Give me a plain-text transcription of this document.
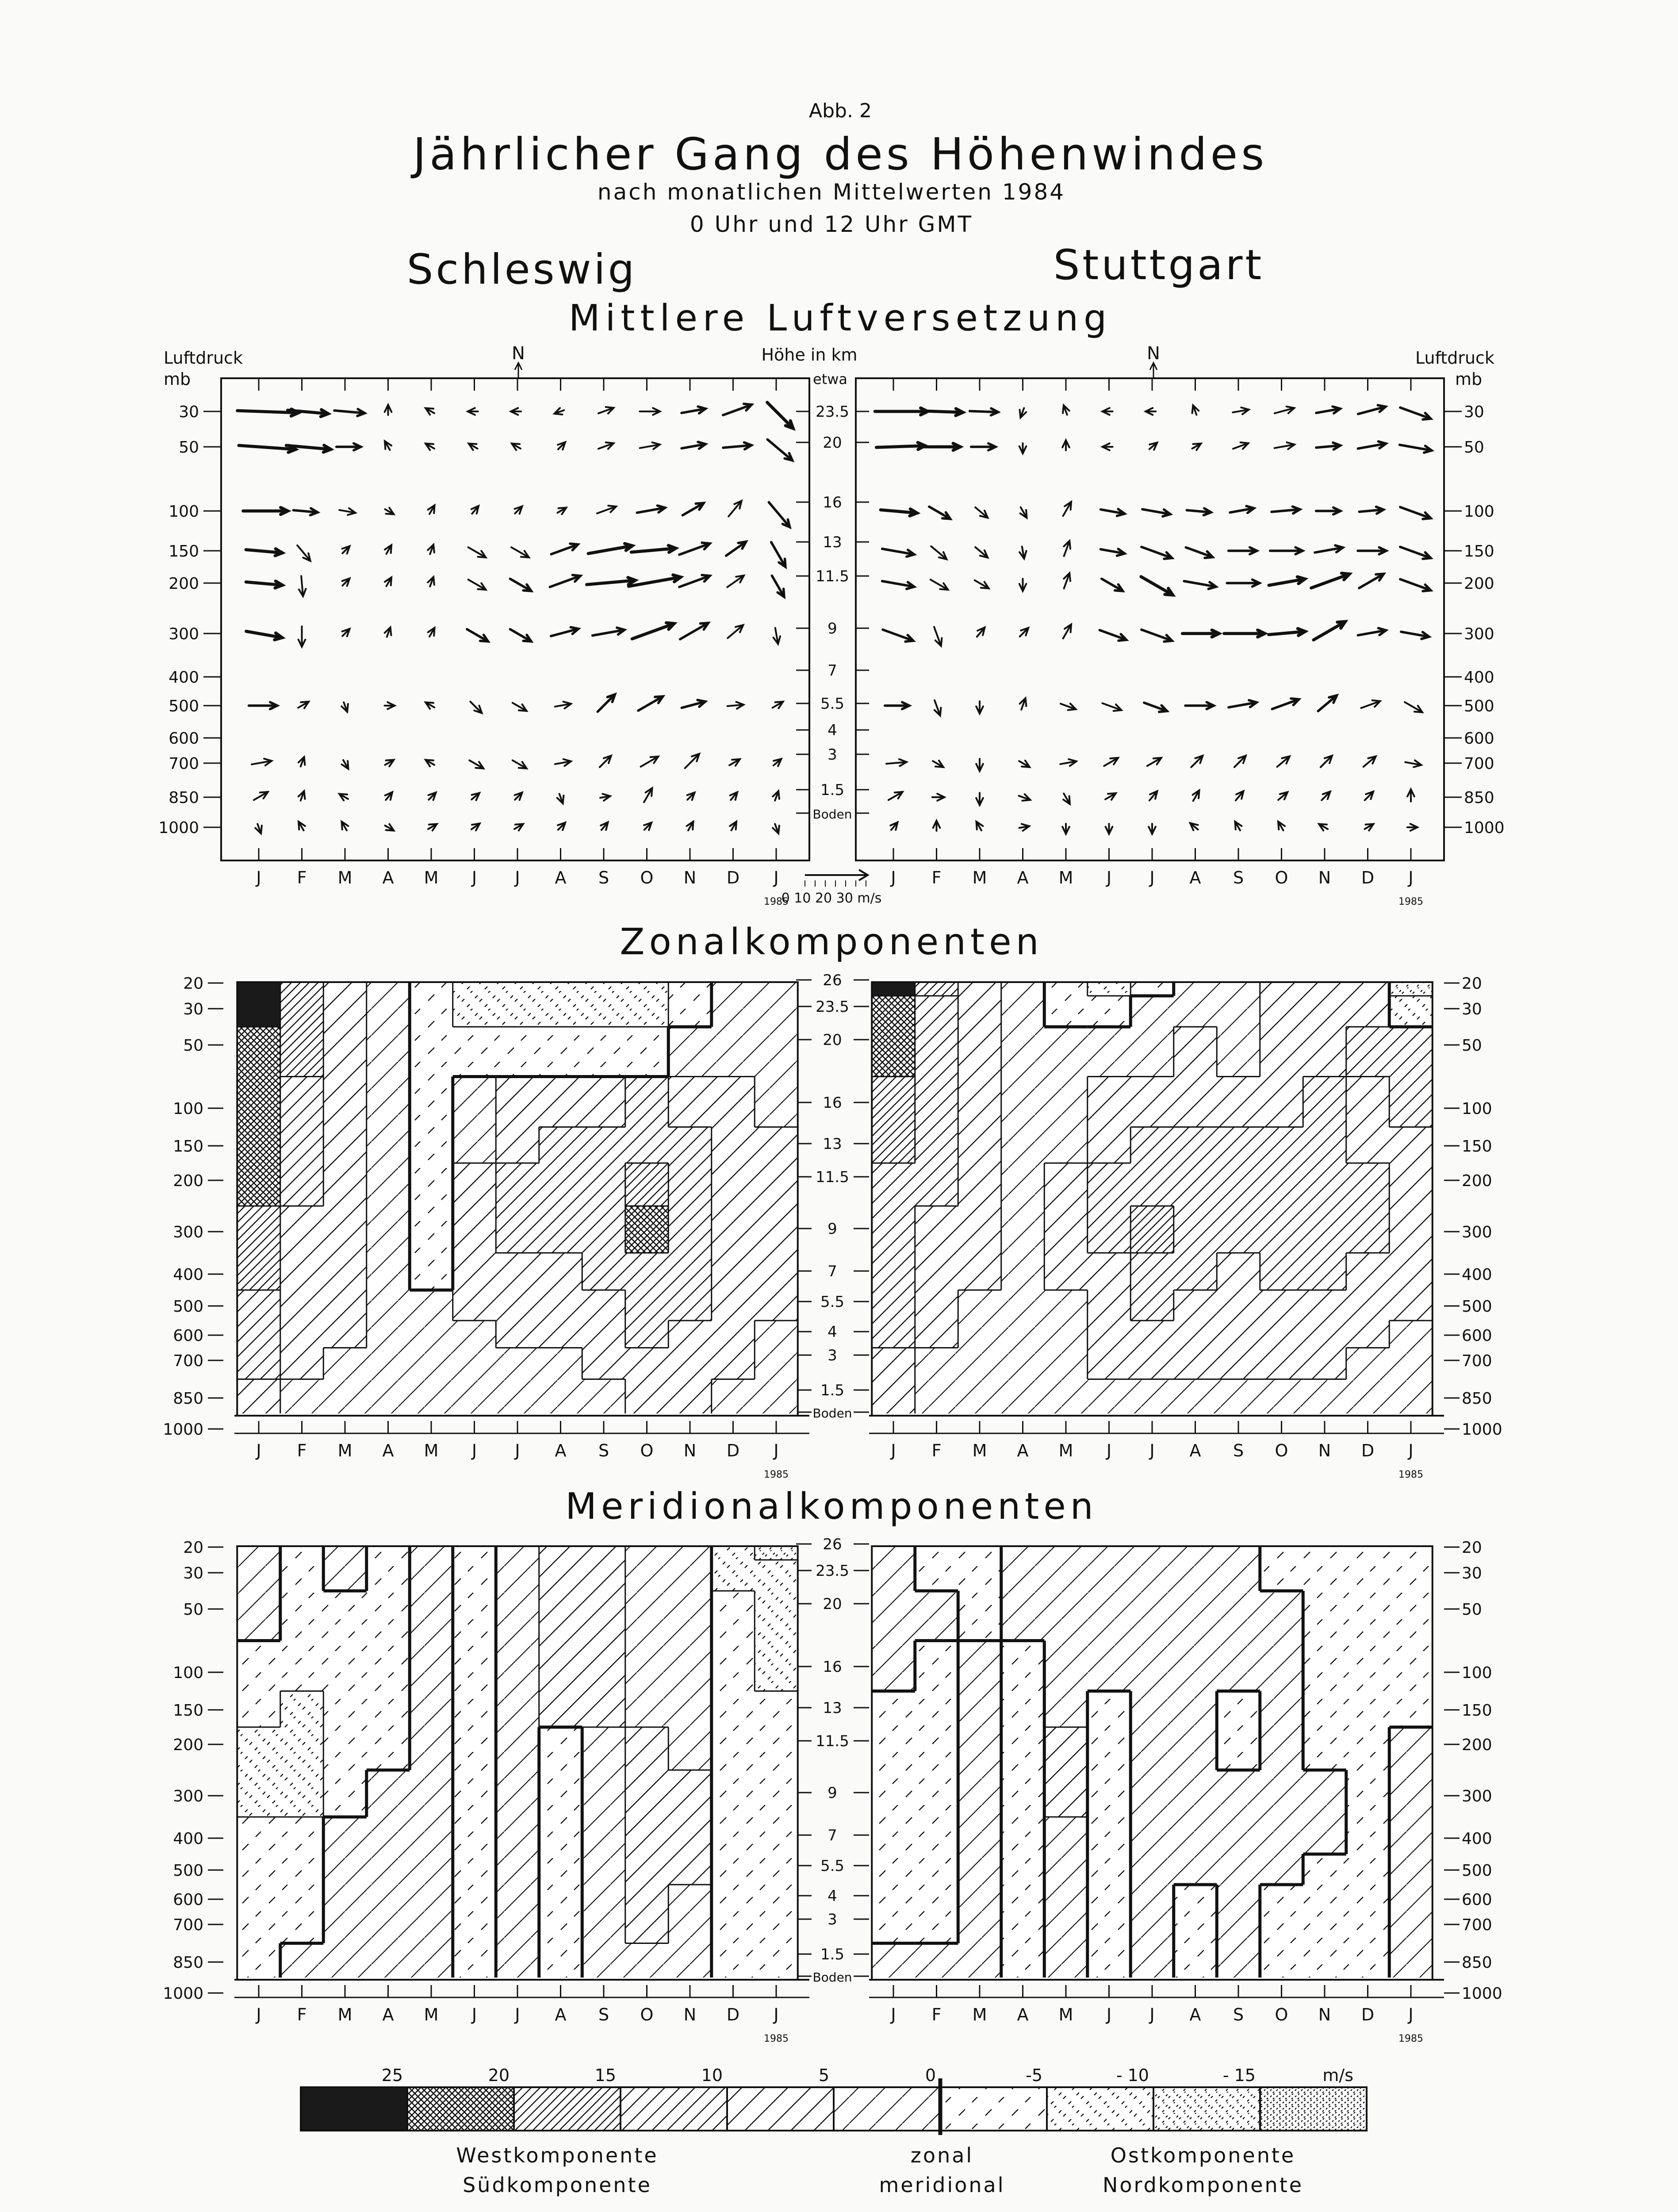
Abb. 2
Jährlicher Gang des Höhenwindes
nach monatlichen Mittelwerten 1984
0 Uhr und 12 Uhr GMT
Schleswig	Stuttgart
Mittlere Luftversetzung
Zonalkomponenten
Meridionalkomponenten
Luftdruck
mb
Luftdruck
mb
Höhe in km
etwa
30	30
50	50
100	100
150	150
200	200
300	300
400	400
500	500
600	600
700	700
850	850
1000	1000
23.5
20
16
13
11.5
9
7
5.5
4
3
1.5
Boden
0 10 20 30 m/s
N
J F M A M J J A S O N D J
1985
N
J F M A M J J A S O N D J
1985
20	20
30	30
50	50
100	100
150	150
200	200
300	300
400	400
500	500
600	600
700	700
850	850
1000	1000
26
23.5
20
16
13
11.5
9
7
5.5
4
3
1.5
Boden
J F M A M J J A S O N D J
1985
J F M A M J J A S O N D J
1985
20	20
30	30
50	50
100	100
150	150
200	200
300	300
400	400
500	500
600	600
700	700
850	850
1000	1000
26
23.5
20
16
13
11.5
9
7
5.5
4
3
1.5
Boden
J F M A M J J A S O N D J
1985
J F M A M J J A S O N D J
1985
25	20	15	10	5	0	-5	- 10	- 15	m/s
Westkomponente
Südkomponente
zonal
meridional
Ostkomponente
Nordkomponente
